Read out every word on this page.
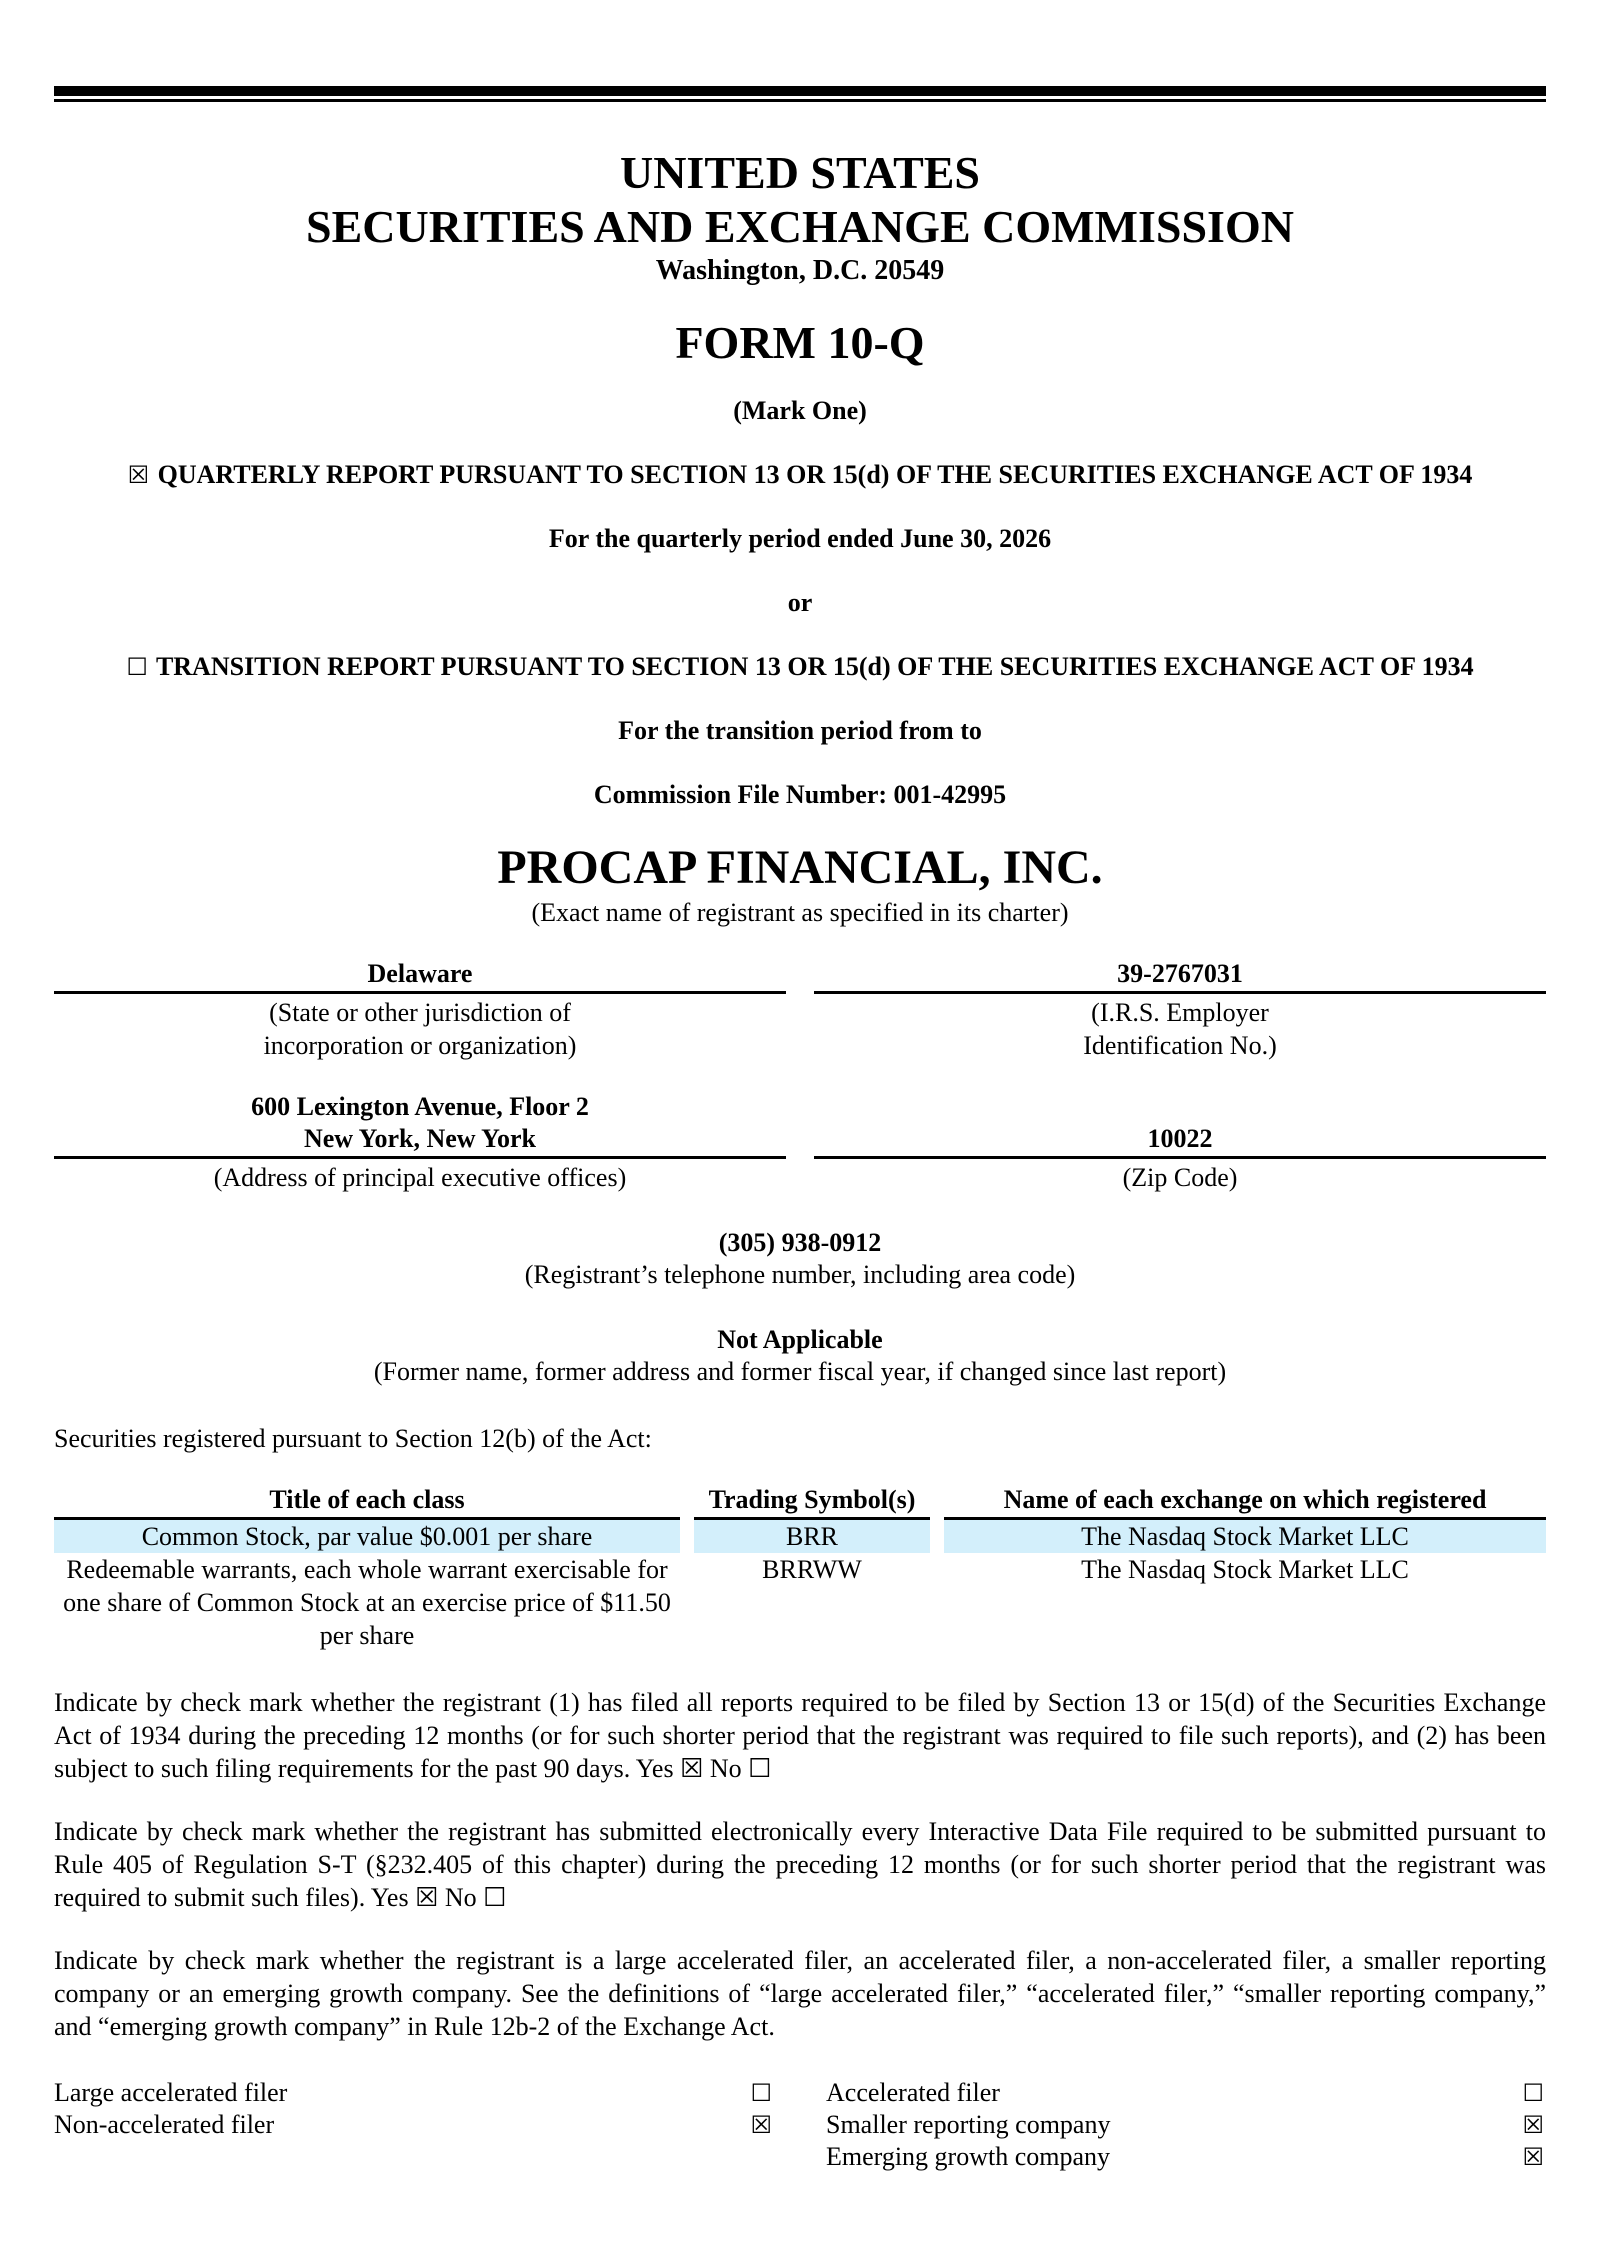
UNITED STATES
SECURITIES AND EXCHANGE COMMISSION
Washington, D.C. 20549
FORM 10-Q
(Mark One)
☒ QUARTERLY REPORT PURSUANT TO SECTION 13 OR 15(d) OF THE SECURITIES EXCHANGE ACT OF 1934
For the quarterly period ended June 30, 2026
or
☐ TRANSITION REPORT PURSUANT TO SECTION 13 OR 15(d) OF THE SECURITIES EXCHANGE ACT OF 1934
For the transition period from to
Commission File Number: 001-42995
PROCAP FINANCIAL, INC.
(Exact name of registrant as specified in its charter)
Delaware
(State or other jurisdiction of
incorporation or organization)
39-2767031
(I.R.S. Employer
Identification No.)
600 Lexington Avenue, Floor 2
New York, New York
(Address of principal executive offices)
10022
(Zip Code)
(305) 938-0912
(Registrant’s telephone number, including area code)
Not Applicable
(Former name, former address and former fiscal year, if changed since last report)
Securities registered pursuant to Section 12(b) of the Act:
Title of each class	Trading Symbol(s)	Name of each exchange on which registered
Common Stock, par value $0.001 per share	BRR	The Nasdaq Stock Market LLC
Redeemable warrants, each whole warrant exercisable for one share of Common Stock at an exercise price of $11.50 per share	BRRWW	The Nasdaq Stock Market LLC
Indicate by check mark whether the registrant (1) has filed all reports required to be filed by Section 13 or 15(d) of the Securities Exchange Act of 1934 during the preceding 12 months (or for such shorter period that the registrant was required to file such reports), and (2) has been subject to such filing requirements for the past 90 days. Yes ☒ No ☐
Indicate by check mark whether the registrant has submitted electronically every Interactive Data File required to be submitted pursuant to Rule 405 of Regulation S-T (§232.405 of this chapter) during the preceding 12 months (or for such shorter period that the registrant was required to submit such files). Yes ☒ No ☐
Indicate by check mark whether the registrant is a large accelerated filer, an accelerated filer, a non-accelerated filer, a smaller reporting company or an emerging growth company. See the definitions of “large accelerated filer,” “accelerated filer,” “smaller reporting company,” and “emerging growth company” in Rule 12b-2 of the Exchange Act.
Large accelerated filer	☐
Non-accelerated filer	☒
Accelerated filer	☐
Smaller reporting company	☒
Emerging growth company	☒
